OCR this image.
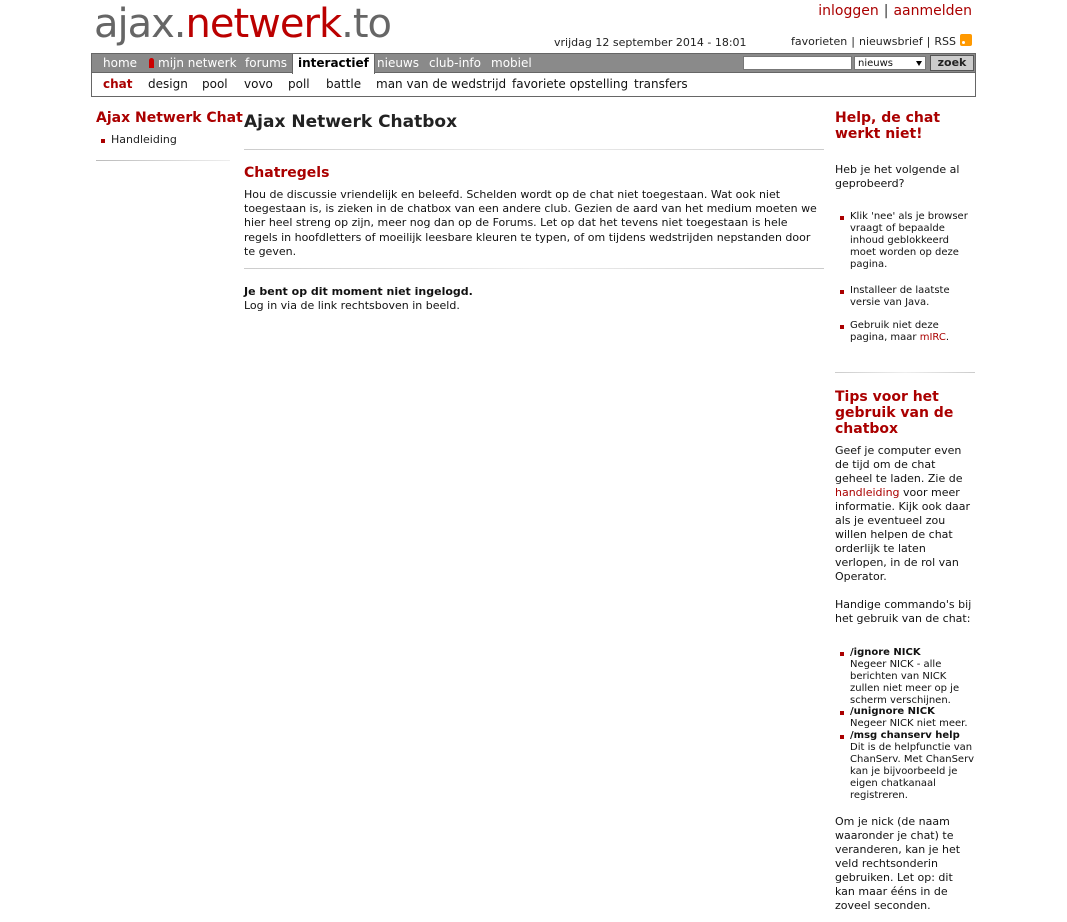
ajax.netwerk.to	inloggen | aanmelden
vrijdag 12 september 2014 - 18:01	favorieten | nieuwsbrief | RSS
home	mijn netwerk forums interactief nieuws club-info mobiel	nieuws	zoek
chat design pool vovo poll battle man van de wedstrijd favoriete opstelling transfers
Ajax Netwerk Chat
Handleiding
Ajax Netwerk Chatbox
Chatregels
Hou de discussie vriendelijk en beleefd. Schelden wordt op de chat niet toegestaan. Wat ook niet toegestaan is, is zieken in de chatbox van een andere club. Gezien de aard van het medium moeten we hier heel streng op zijn, meer nog dan op de Forums. Let op dat het tevens niet toegestaan is hele regels in hoofdletters of moeilijk leesbare kleuren te typen, of om tijdens wedstrijden nepstanden door te geven.
Je bent op dit moment niet ingelogd.
Log in via de link rechtsboven in beeld.
Help, de chat werkt niet!
Heb je het volgende al geprobeerd?
Klik 'nee' als je browser vraagt of bepaalde inhoud geblokkeerd moet worden op deze pagina.
Installeer de laatste versie van Java.
Gebruik niet deze pagina, maar mIRC.
Tips voor het gebruik van de chatbox
Geef je computer even de tijd om de chat geheel te laden. Zie de handleiding voor meer informatie. Kijk ook daar als je eventueel zou willen helpen de chat orderlijk te laten verlopen, in de rol van Operator.
Handige commando's bij het gebruik van de chat:
/ignore NICK
Negeer NICK - alle berichten van NICK zullen niet meer op je scherm verschijnen.
/unignore NICK
Negeer NICK niet meer.
/msg chanserv help
Dit is de helpfunctie van ChanServ. Met ChanServ kan je bijvoorbeeld je eigen chatkanaal registreren.
Om je nick (de naam waaronder je chat) te veranderen, kan je het veld rechtsonderin gebruiken. Let op: dit kan maar ééns in de zoveel seconden.
